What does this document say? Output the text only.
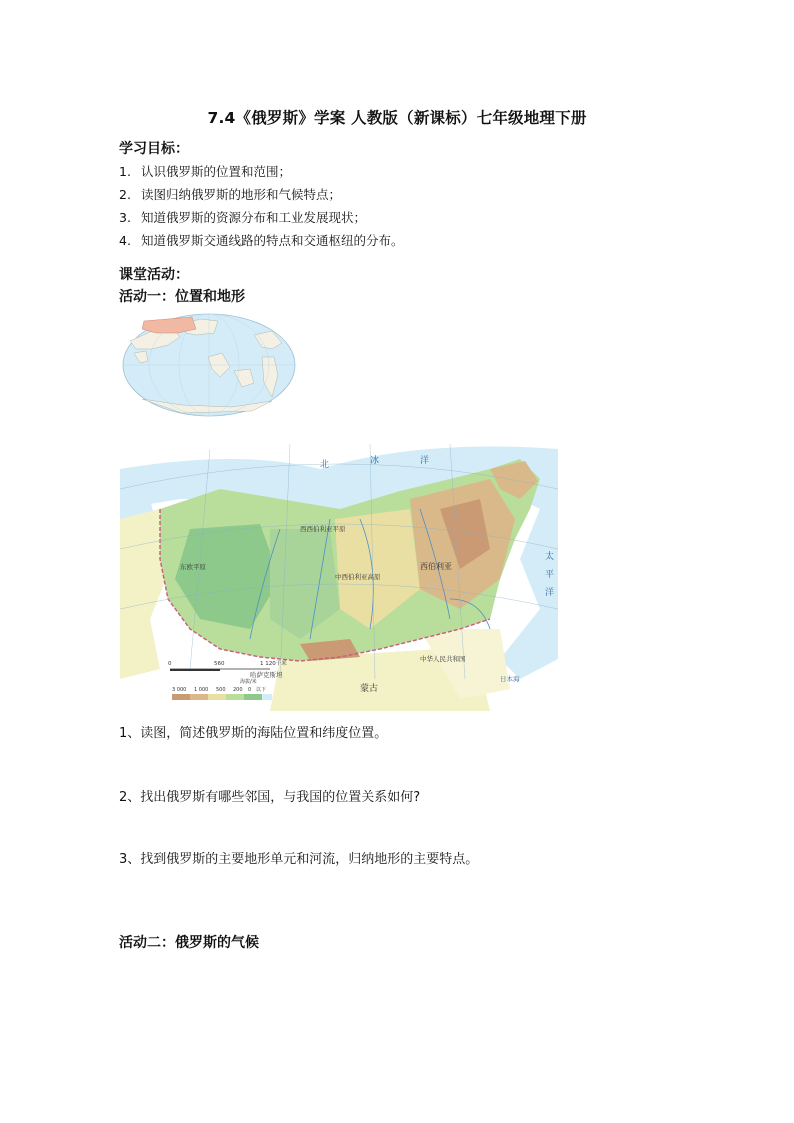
7.4《俄罗斯》学案 人教版（新课标）七年级地理下册
学习目标：
1. 认识俄罗斯的位置和范围；
2. 读图归纳俄罗斯的地形和气候特点；
3. 知道俄罗斯的资源分布和工业发展现状；
4. 知道俄罗斯交通线路的特点和交通枢纽的分布。
课堂活动：
活动一：位置和地形
北	冰	洋
太
平
洋
西西伯利亚平原
中西伯利亚高原
西伯利亚
东欧平原
蒙古
中华人民共和国
哈萨克斯坦	日本海
0	560	1 120千米
海拔/米
3 000 1 000 500 200 0 以下
1、读图，简述俄罗斯的海陆位置和纬度位置。
2、找出俄罗斯有哪些邻国，与我国的位置关系如何?
3、找到俄罗斯的主要地形单元和河流，归纳地形的主要特点。
活动二：俄罗斯的气候
